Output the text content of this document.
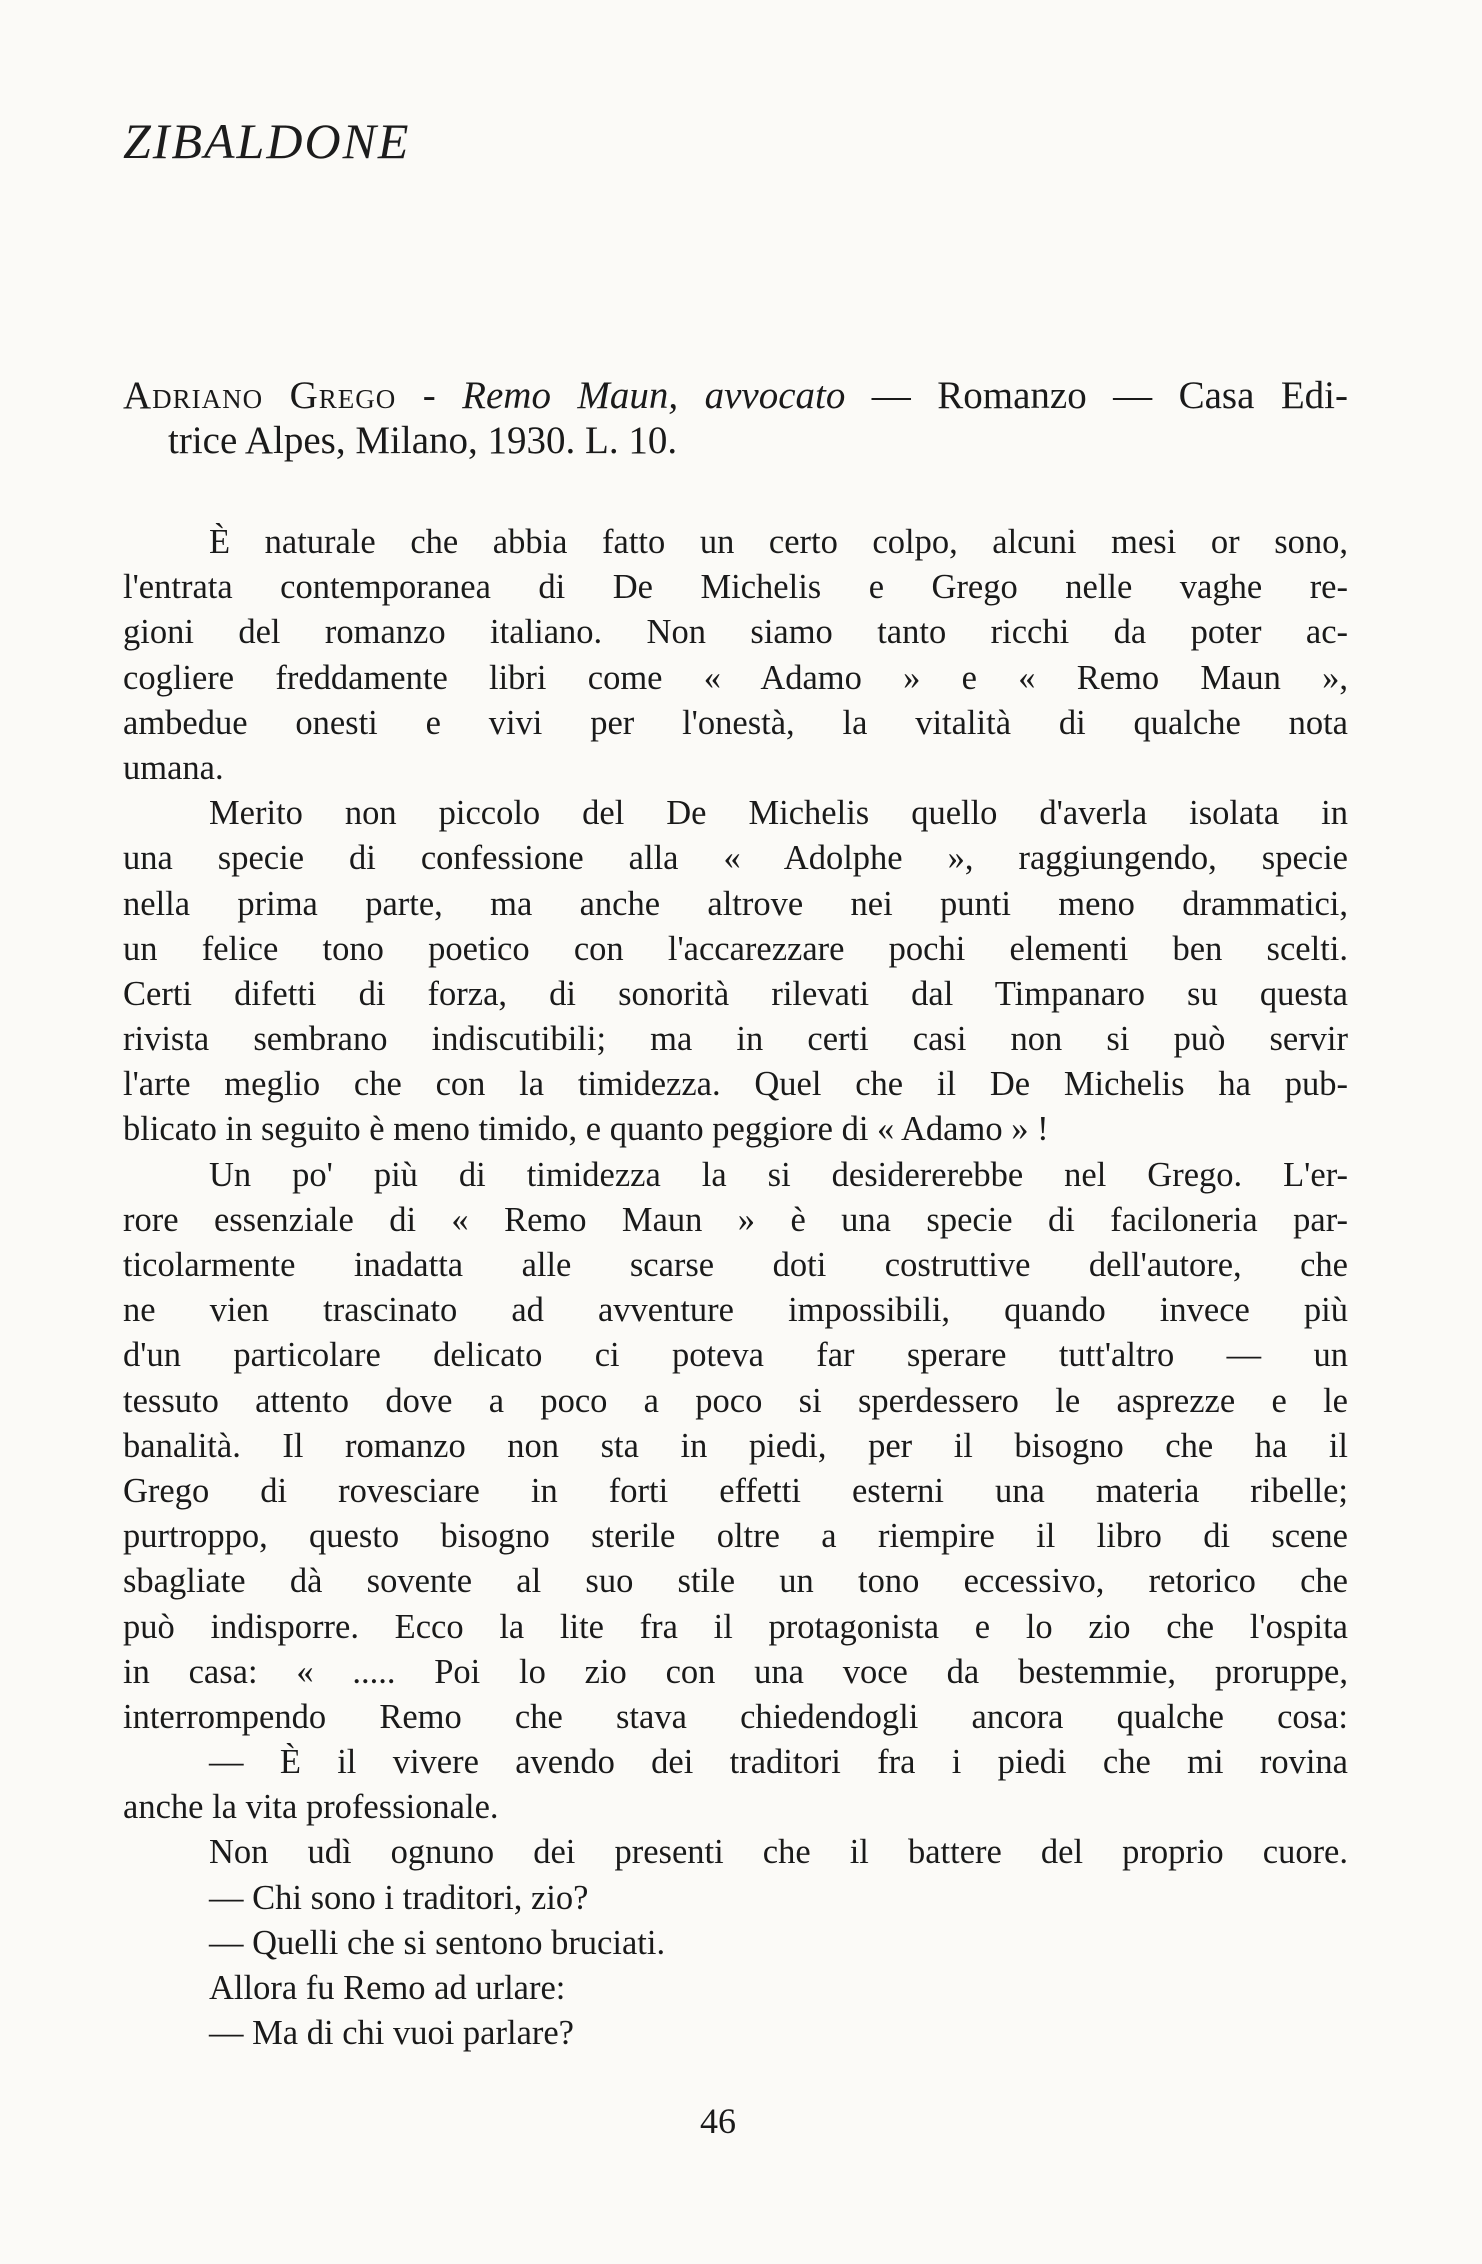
ZIBALDONE
Adriano Grego - Remo Maun, avvocato — Romanzo — Casa Edi-
trice Alpes, Milano, 1930. L. 10.
È naturale che abbia fatto un certo colpo, alcuni mesi or sono,
l'entrata contemporanea di De Michelis e Grego nelle vaghe re-
gioni del romanzo italiano. Non siamo tanto ricchi da poter ac-
cogliere freddamente libri come « Adamo » e « Remo Maun »,
ambedue onesti e vivi per l'onestà, la vitalità di qualche nota
umana.
Merito non piccolo del De Michelis quello d'averla isolata in
una specie di confessione alla « Adolphe », raggiungendo, specie
nella prima parte, ma anche altrove nei punti meno drammatici,
un felice tono poetico con l'accarezzare pochi elementi ben scelti.
Certi difetti di forza, di sonorità rilevati dal Timpanaro su questa
rivista sembrano indiscutibili; ma in certi casi non si può servir
l'arte meglio che con la timidezza. Quel che il De Michelis ha pub-
blicato in seguito è meno timido, e quanto peggiore di « Adamo » !
Un po' più di timidezza la si desidererebbe nel Grego. L'er-
rore essenziale di « Remo Maun » è una specie di faciloneria par-
ticolarmente inadatta alle scarse doti costruttive dell'autore, che
ne vien trascinato ad avventure impossibili, quando invece più
d'un particolare delicato ci poteva far sperare tutt'altro — un
tessuto attento dove a poco a poco si sperdessero le asprezze e le
banalità. Il romanzo non sta in piedi, per il bisogno che ha il
Grego di rovesciare in forti effetti esterni una materia ribelle;
purtroppo, questo bisogno sterile oltre a riempire il libro di scene
sbagliate dà sovente al suo stile un tono eccessivo, retorico che
può indisporre. Ecco la lite fra il protagonista e lo zio che l'ospita
in casa: « ..... Poi lo zio con una voce da bestemmie, proruppe,
interrompendo Remo che stava chiedendogli ancora qualche cosa:
— È il vivere avendo dei traditori fra i piedi che mi rovina
anche la vita professionale.
Non udì ognuno dei presenti che il battere del proprio cuore.
— Chi sono i traditori, zio?
— Quelli che si sentono bruciati.
Allora fu Remo ad urlare:
— Ma di chi vuoi parlare?
46
